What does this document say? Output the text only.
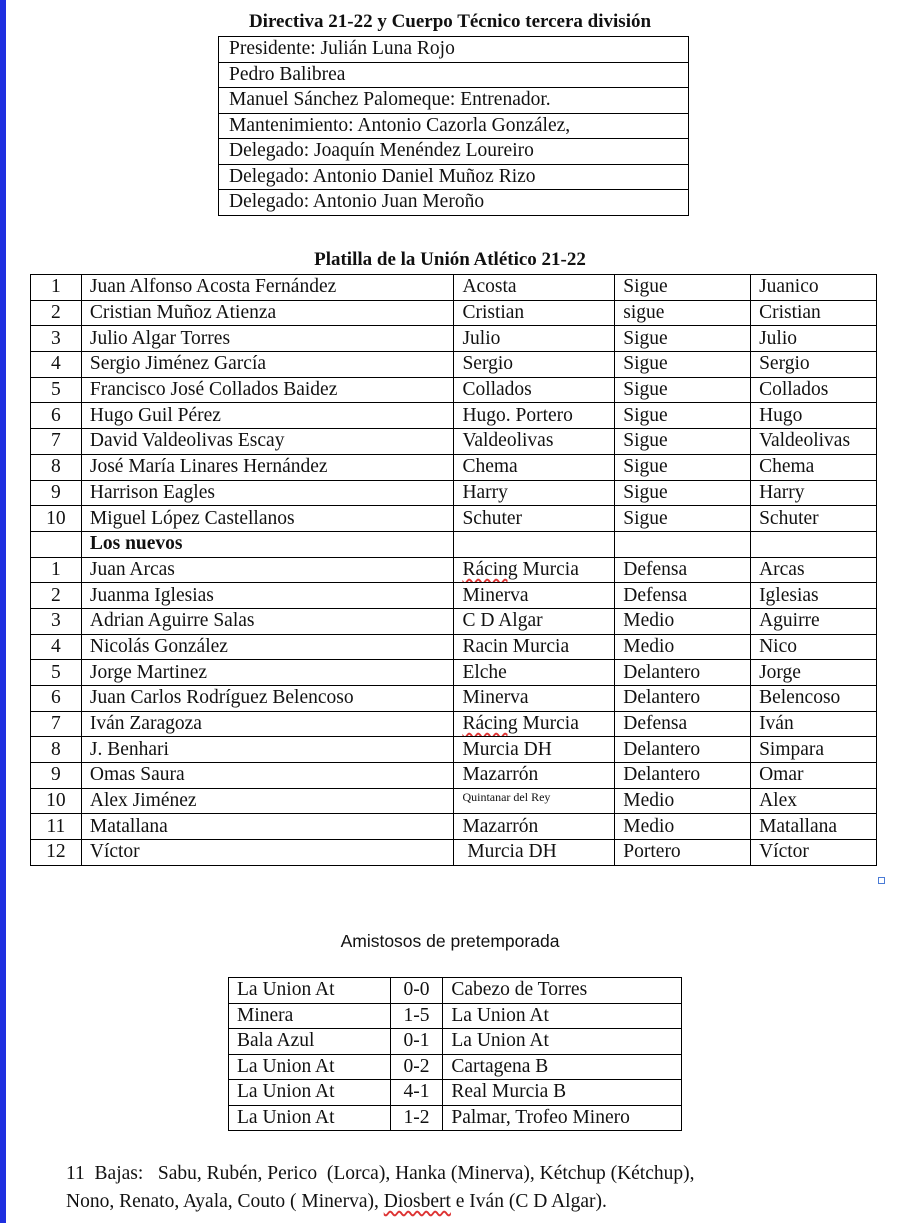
Directiva 21-22 y Cuerpo Técnico tercera división
Presidente: Julián Luna Rojo
Pedro Balibrea
Manuel Sánchez Palomeque: Entrenador.
Mantenimiento: Antonio Cazorla González,
Delegado: Joaquín Menéndez Loureiro
Delegado: Antonio Daniel Muñoz Rizo
Delegado: Antonio Juan Meroño
Platilla de la Unión Atlético 21-22
1	Juan Alfonso Acosta Fernández	Acosta	Sigue	Juanico
2	Cristian Muñoz Atienza	Cristian	sigue	Cristian
3	Julio Algar Torres	Julio	Sigue	Julio
4	Sergio Jiménez García	Sergio	Sigue	Sergio
5	Francisco José Collados Baidez	Collados	Sigue	Collados
6	Hugo Guil Pérez	Hugo. Portero	Sigue	Hugo
7	David Valdeolivas Escay	Valdeolivas	Sigue	Valdeolivas
8	José María Linares Hernández	Chema	Sigue	Chema
9	Harrison Eagles	Harry	Sigue	Harry
10	Miguel López Castellanos	Schuter	Sigue	Schuter
	Los nuevos			
1	Juan Arcas	Rácing Murcia	Defensa	Arcas
2	Juanma Iglesias	Minerva	Defensa	Iglesias
3	Adrian Aguirre Salas	C D Algar	Medio	Aguirre
4	Nicolás González	Racin Murcia	Medio	Nico
5	Jorge Martinez	Elche	Delantero	Jorge
6	Juan Carlos Rodríguez Belencoso	Minerva	Delantero	Belencoso
7	Iván Zaragoza	Rácing Murcia	Defensa	Iván
8	J. Benhari	Murcia DH	Delantero	Simpara
9	Omas Saura	Mazarrón	Delantero	Omar
10	Alex Jiménez	Quintanar del Rey	Medio	Alex
11	Matallana	Mazarrón	Medio	Matallana
12	Víctor	Murcia DH	Portero	Víctor
Amistosos de pretemporada
La Union At	0-0	Cabezo de Torres
Minera	1-5	La Union At
Bala Azul	0-1	La Union At
La Union At	0-2	Cartagena B
La Union At	4-1	Real Murcia B
La Union At	1-2	Palmar, Trofeo Minero
11  Bajas:   Sabu, Rubén, Perico  (Lorca), Hanka (Minerva), Kétchup (Kétchup),
Nono, Renato, Ayala, Couto ( Minerva), Diosbert e Iván (C D Algar).
